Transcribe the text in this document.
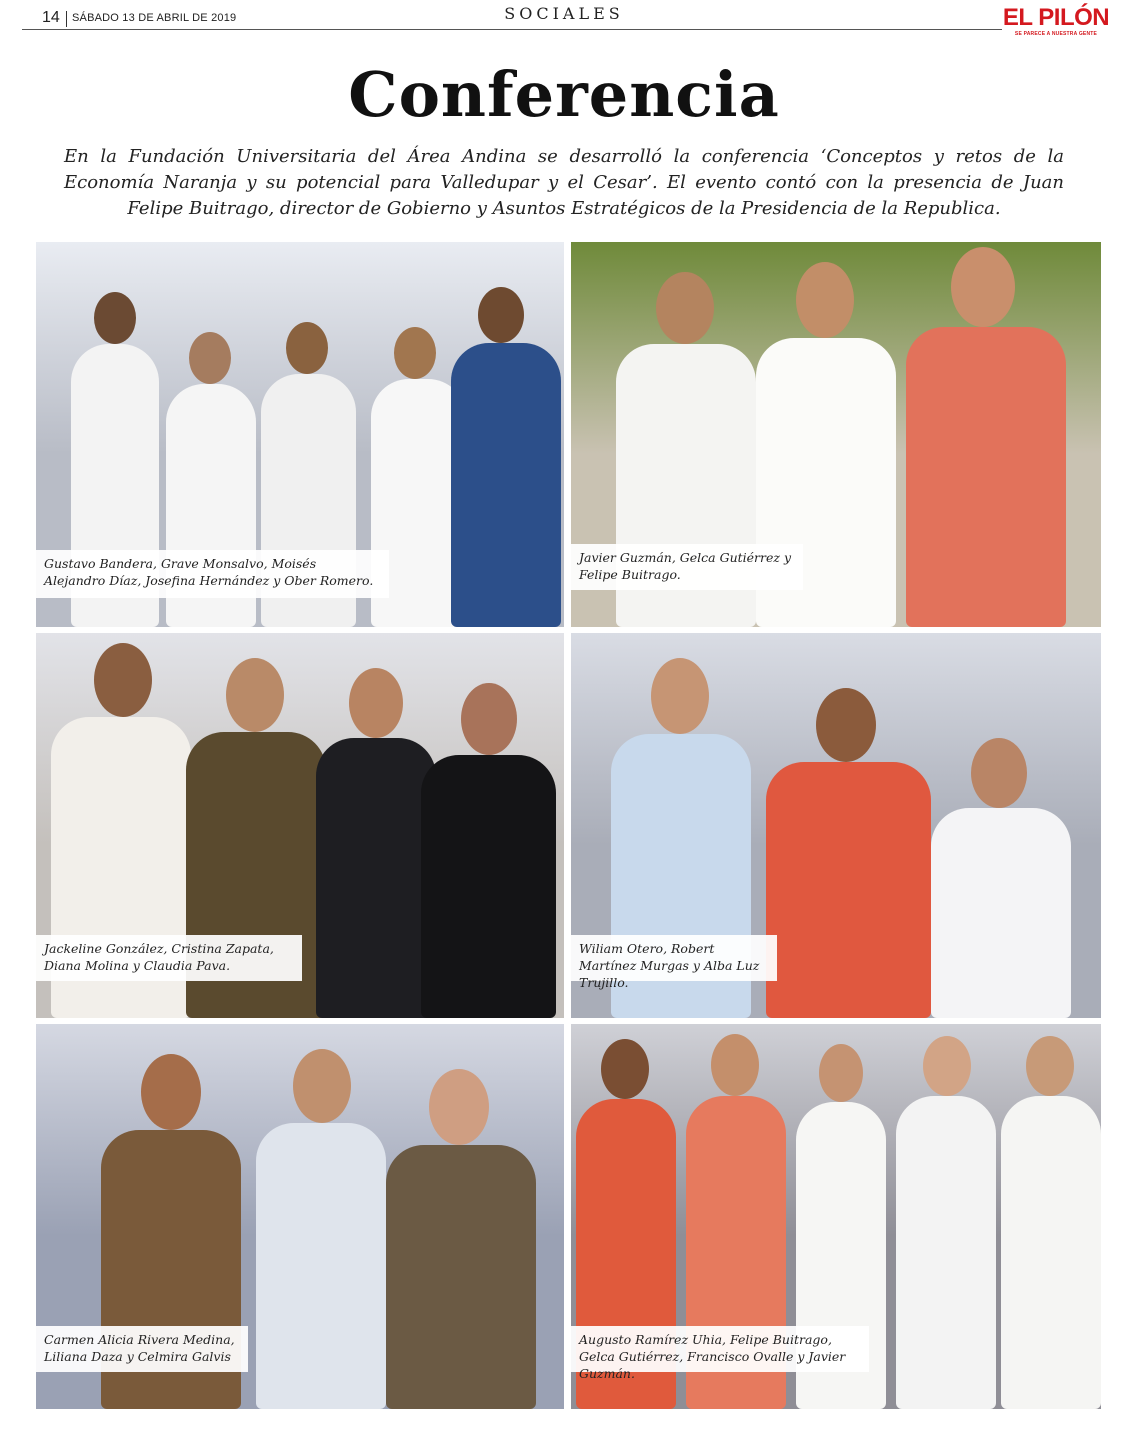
14 SÁBADO 13 DE ABRIL DE 2019	SOCIALES	EL PILÓN
SE PARECE A NUESTRA GENTE
Conferencia

En la Fundación Universitaria del Área Andina se desarrolló la conferencia ‘Conceptos y retos de la Economía Naranja y su potencial para Valledupar y el Cesar’. El evento contó con la presencia de Juan Felipe Buitrago, director de Gobierno y Asuntos Estratégicos de la Presidencia de la Republica.

Gustavo Bandera, Grave Monsalvo, Moisés Alejandro Díaz, Josefina Hernández y Ober Romero.
Javier Guzmán, Gelca Gutiérrez y Felipe Buitrago.
Jackeline González, Cristina Zapata, Diana Molina y Claudia Pava.
Wiliam Otero, Robert Martínez Murgas y Alba Luz Trujillo.
Carmen Alicia Rivera Medina, Liliana Daza y Celmira Galvis
Augusto Ramírez Uhia, Felipe Buitrago, Gelca Gutiérrez, Francisco Ovalle y Javier Guzmán.
